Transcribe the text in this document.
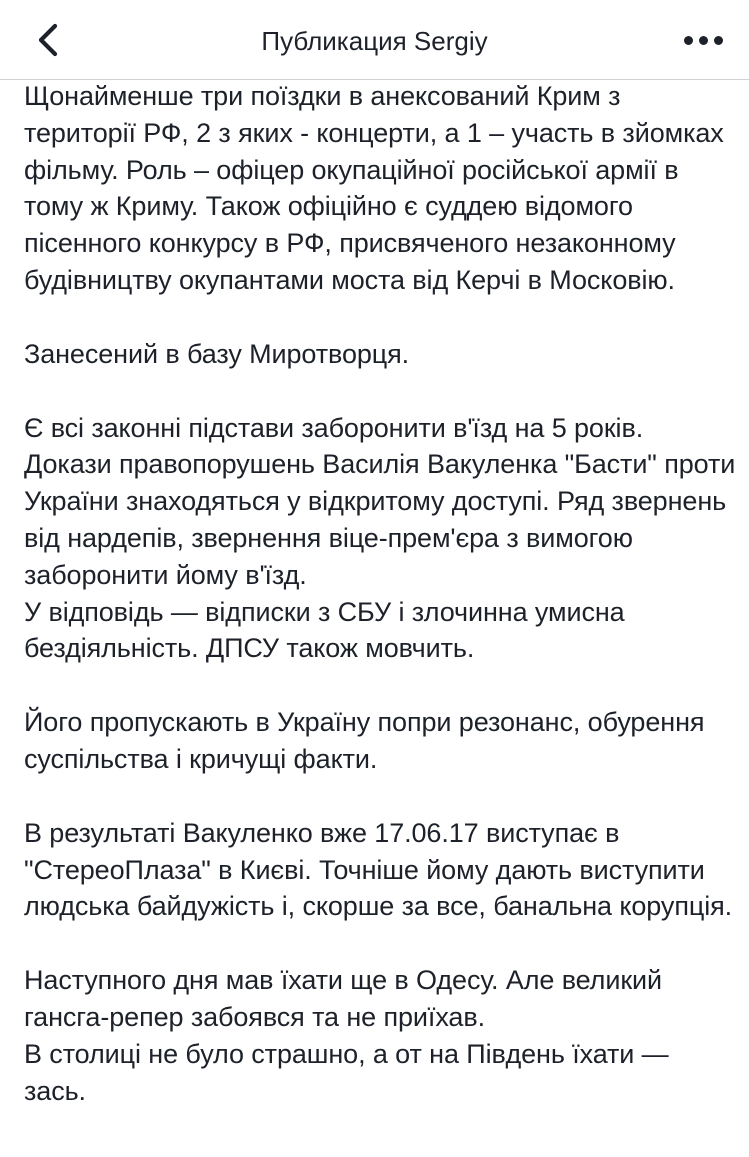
Публикация Sergiy

Щонайменше три поїздки в анексований Крим з території РФ, 2 з яких - концерти, а 1 – участь в зйомках фільму. Роль – офіцер окупаційної російської армії в тому ж Криму. Також офіційно є суддею відомого пісенного конкурсу в РФ, присвяченого незаконному будівництву окупантами моста від Керчі в Московію.

Занесений в базу Миротворця.

Є всі законні підстави заборонити в'їзд на 5 років. Докази правопорушень Василія Вакуленка "Басти" проти України знаходяться у відкритому доступі. Ряд звернень від нардепів, звернення віце-прем'єра з вимогою заборонити йому в'їзд.
У відповідь — відписки з СБУ і злочинна умисна бездіяльність. ДПСУ також мовчить.

Його пропускають в Україну попри резонанс, обурення суспільства і кричущі факти.

В результаті Вакуленко вже 17.06.17 виступає в "СтереоПлаза" в Києві. Точніше йому дають виступити людська байдужість і, скорше за все, банальна корупція.

Наступного дня мав їхати ще в Одесу. Але великий гансга-репер забоявся та не приїхав.
В столиці не було страшно, а от на Південь їхати — зась.
